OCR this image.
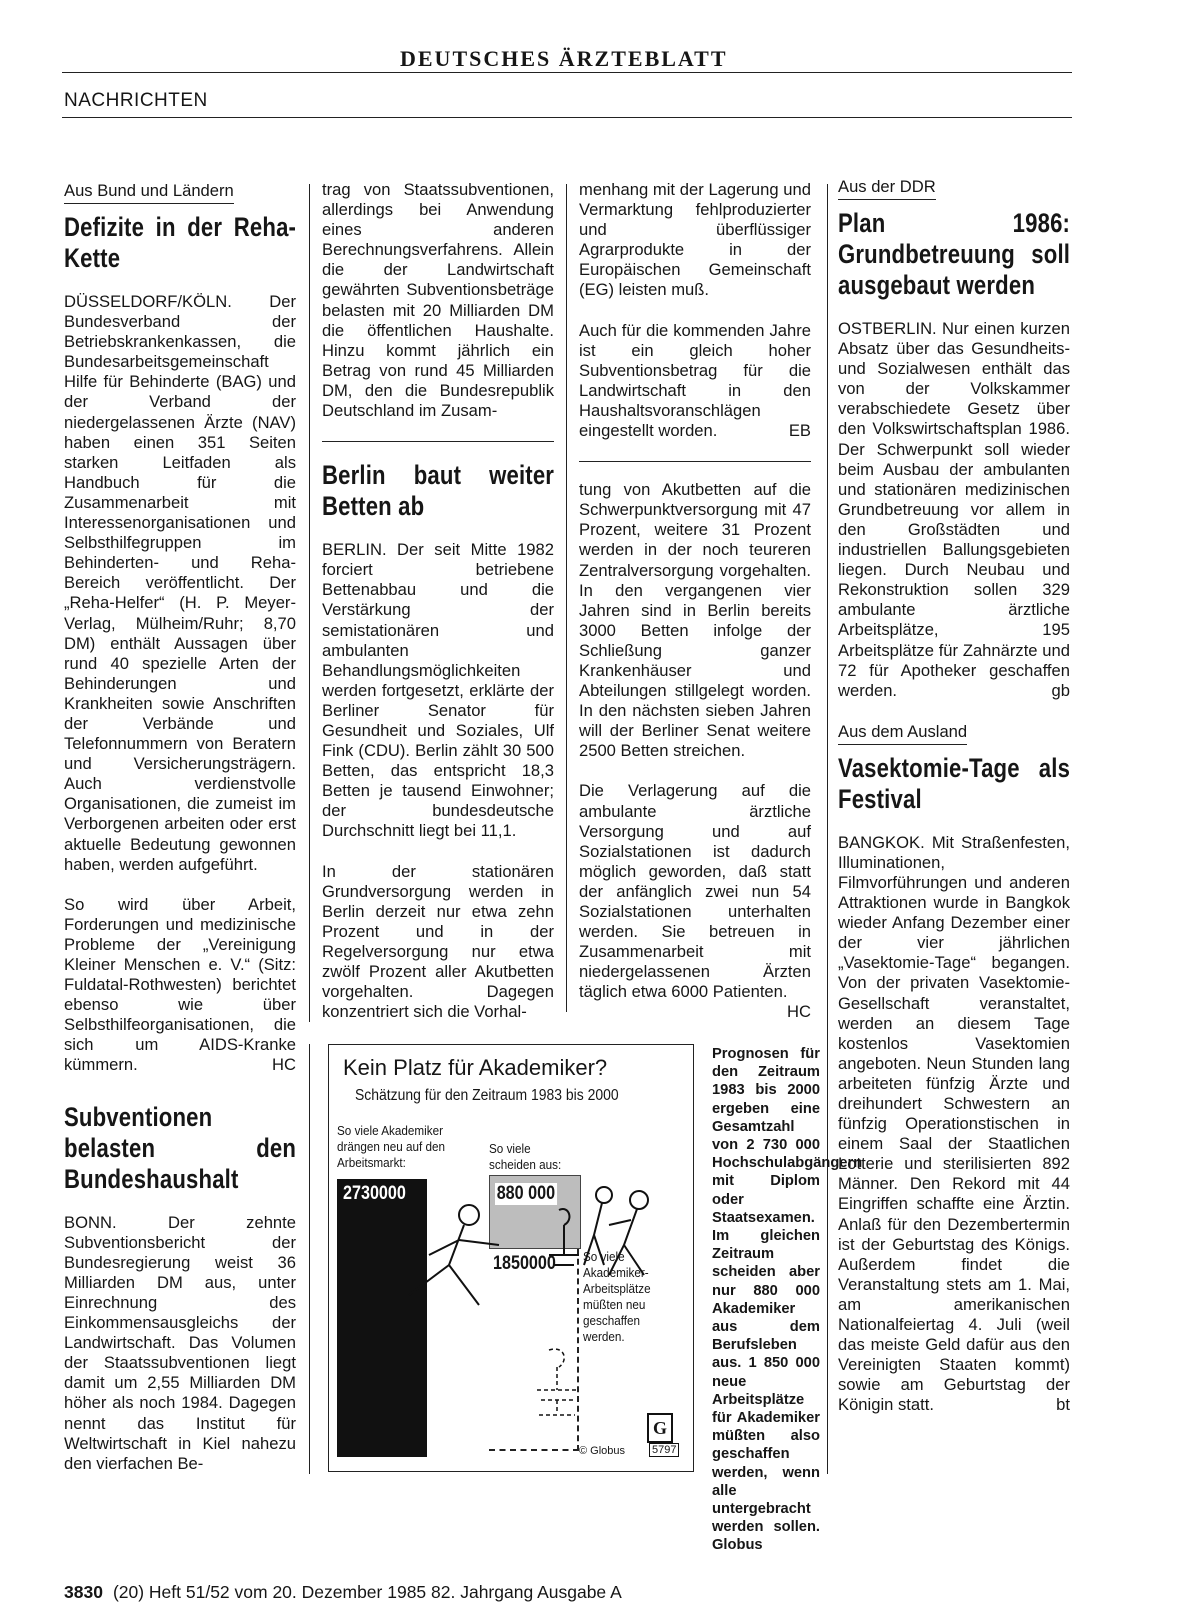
DEUTSCHES ÄRZTEBLATT
NACHRICHTEN
Aus Bund und Ländern
Defizite in der Reha-Kette

DÜSSELDORF/KÖLN. Der Bundesverband der Betriebskrankenkassen, die Bundesarbeitsgemeinschaft Hilfe für Behinderte (BAG) und der Verband der niedergelassenen Ärzte (NAV) haben einen 351 Seiten starken Leitfaden als Handbuch für die Zusammenarbeit mit Interessenorganisationen und Selbsthilfegruppen im Behinderten- und Reha-Bereich veröffentlicht. Der „Reha-Helfer“ (H. P. Meyer-Verlag, Mülheim/Ruhr; 8,70 DM) enthält Aussagen über rund 40 spezielle Arten der Behinderungen und Krankheiten sowie Anschriften der Verbände und Telefonnummern von Beratern und Versicherungsträgern. Auch verdienstvolle Organisationen, die zumeist im Verborgenen arbeiten oder erst aktuelle Bedeutung gewonnen haben, werden aufgeführt.

So wird über Arbeit, Forderungen und medizinische Probleme der „Vereinigung Kleiner Menschen e. V.“ (Sitz: Fuldatal-Rothwesten) berichtet ebenso wie über Selbsthilfeorganisationen, die sich um AIDS-Kranke kümmern.	HC

Subventionen belasten den Bundeshaushalt

BONN. Der zehnte Subventionsbericht der Bundesregierung weist 36 Milliarden DM aus, unter Einrechnung des Einkommensausgleichs der Landwirtschaft. Das Volumen der Staatssubventionen liegt damit um 2,55 Milliarden DM höher als noch 1984. Dagegen nennt das Institut für Weltwirtschaft in Kiel nahezu den vierfachen Be-

trag von Staatssubventionen, allerdings bei Anwendung eines anderen Berechnungsverfahrens. Allein die der Landwirtschaft gewährten Subventionsbeträge belasten mit 20 Milliarden DM die öffentlichen Haushalte. Hinzu kommt jährlich ein Betrag von rund 45 Milliarden DM, den die Bundesrepublik Deutschland im Zusam-

Berlin baut weiter Betten ab

BERLIN. Der seit Mitte 1982 forciert betriebene Bettenabbau und die Verstärkung der semistationären und ambulanten Behandlungsmöglichkeiten werden fortgesetzt, erklärte der Berliner Senator für Gesundheit und Soziales, Ulf Fink (CDU). Berlin zählt 30 500 Betten, das entspricht 18,3 Betten je tausend Einwohner; der bundesdeutsche Durchschnitt liegt bei 11,1.

In der stationären Grundversorgung werden in Berlin derzeit nur etwa zehn Prozent und in der Regelversorgung nur etwa zwölf Prozent aller Akutbetten vorgehalten. Dagegen konzentriert sich die Vorhal-

menhang mit der Lagerung und Vermarktung fehlproduzierter und überflüssiger Agrarprodukte in der Europäischen Gemeinschaft (EG) leisten muß.

Auch für die kommenden Jahre ist ein gleich hoher Subventionsbetrag für die Landwirtschaft in den Haushaltsvoranschlägen eingestellt worden.	EB

tung von Akutbetten auf die Schwerpunktversorgung mit 47 Prozent, weitere 31 Prozent werden in der noch teureren Zentralversorgung vorgehalten. In den vergangenen vier Jahren sind in Berlin bereits 3000 Betten infolge der Schließung ganzer Krankenhäuser und Abteilungen stillgelegt worden. In den nächsten sieben Jahren will der Berliner Senat weitere 2500 Betten streichen.

Die Verlagerung auf die ambulante ärztliche Versorgung und auf Sozialstationen ist dadurch möglich geworden, daß statt der anfänglich zwei nun 54 Sozialstationen unterhalten werden. Sie betreuen in Zusammenarbeit mit niedergelassenen Ärzten täglich etwa 6000 Patienten.
HC

Aus der DDR
Plan 1986: Grundbetreuung soll ausgebaut werden

OSTBERLIN. Nur einen kurzen Absatz über das Gesundheits- und Sozialwesen enthält das von der Volkskammer verabschiedete Gesetz über den Volkswirtschaftsplan 1986. Der Schwerpunkt soll wieder beim Ausbau der ambulanten und stationären medizinischen Grundbetreuung vor allem in den Großstädten und industriellen Ballungsgebieten liegen. Durch Neubau und Rekonstruktion sollen 329 ambulante ärztliche Arbeitsplätze, 195 Arbeitsplätze für Zahnärzte und 72 für Apotheker geschaffen werden.	gb

Aus dem Ausland
Vasektomie-Tage als Festival

BANGKOK. Mit Straßenfesten, Illuminationen, Filmvorführungen und anderen Attraktionen wurde in Bangkok wieder Anfang Dezember einer der vier jährlichen „Vasektomie-Tage“ begangen. Von der privaten Vasektomie-Gesellschaft veranstaltet, werden an diesem Tage kostenlos Vasektomien angeboten. Neun Stunden lang arbeiteten fünfzig Ärzte und dreihundert Schwestern an fünfzig Operationstischen in einem Saal der Staatlichen Lotterie und sterilisierten 892 Männer. Den Rekord mit 44 Eingriffen schaffte eine Ärztin. Anlaß für den Dezembertermin ist der Geburtstag des Königs. Außerdem findet die Veranstaltung stets am 1. Mai, am amerikanischen Nationalfeiertag 4. Juli (weil das meiste Geld dafür aus den Vereinigten Staaten kommt) sowie am Geburtstag der Königin statt.	bt

Kein Platz für Akademiker?
Schätzung für den Zeitraum 1983 bis 2000
So viele Akademiker drängen neu auf den Arbeitsmarkt:
So viele scheiden aus:
2730000	880 000
1850000 So viele Akademiker-Arbeitsplätze müßten neu geschaffen werden.
© Globus 5797
G
Prognosen für den Zeitraum 1983 bis 2000 ergeben eine Gesamtzahl von 2 730 000 Hochschulabgängern mit Diplom oder Staatsexamen. Im gleichen Zeitraum scheiden aber nur 880 000 Akademiker aus dem Berufsleben aus. 1 850 000 neue Arbeitsplätze für Akademiker müßten also geschaffen werden, wenn alle untergebracht werden sollen. Globus
3830 (20) Heft 51/52 vom 20. Dezember 1985 82. Jahrgang Ausgabe A
